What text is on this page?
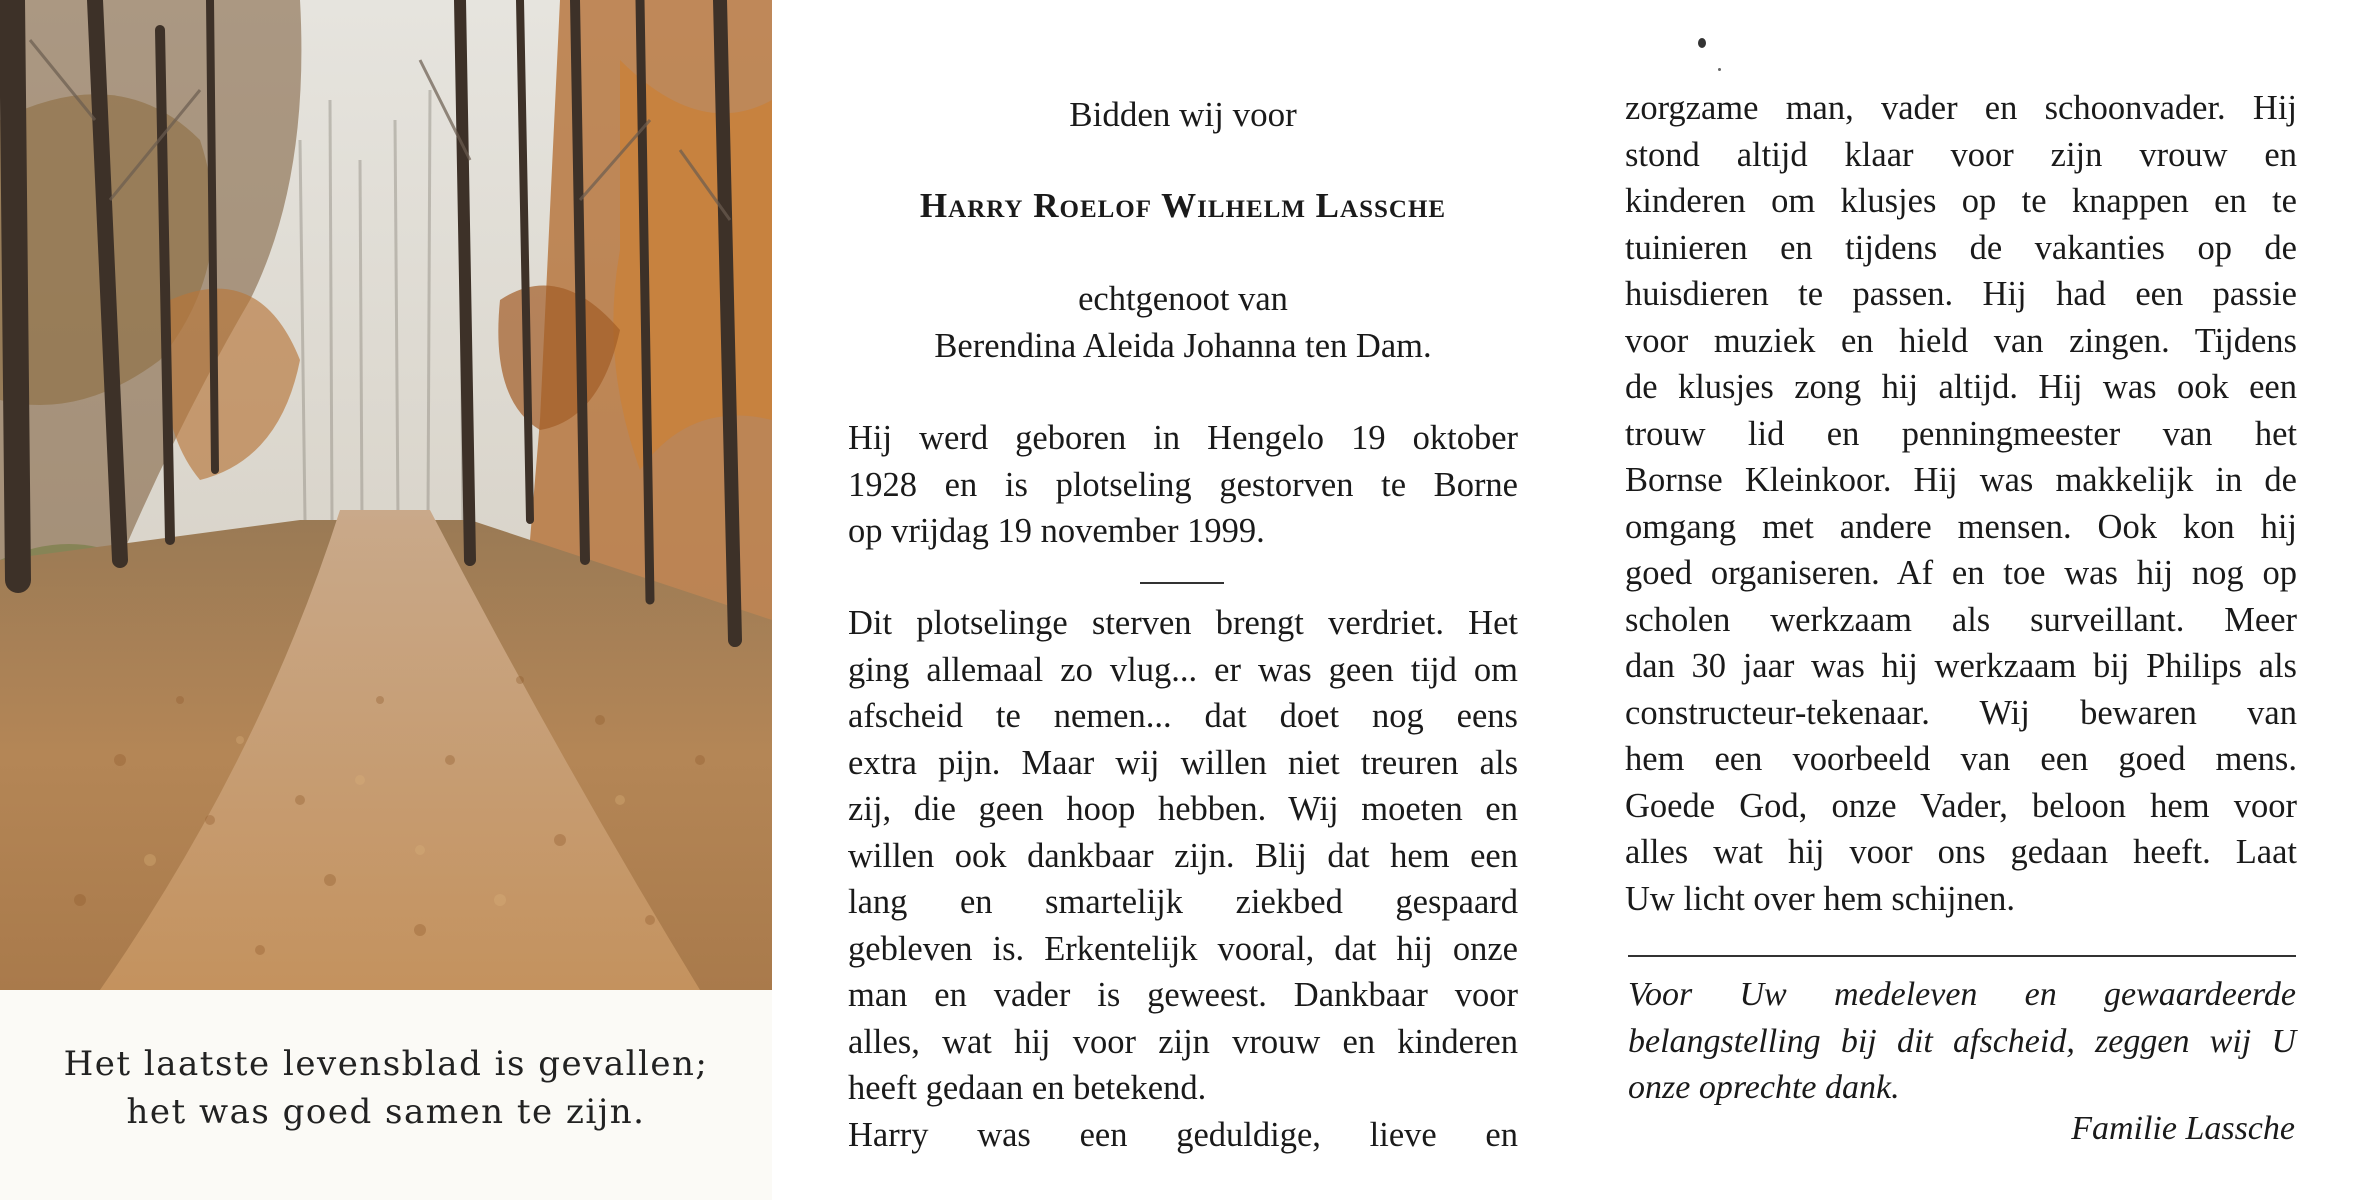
Het laatste levensblad is gevallen;
het was goed samen te zijn.
Bidden wij voor
Harry Roelof Wilhelm Lassche
echtgenoot van
Berendina Aleida Johanna ten Dam.
Hij werd geboren in Hengelo 19 oktober
1928 en is plotseling gestorven te Borne
op vrijdag 19 november 1999.
Dit plotselinge sterven brengt verdriet. Het
ging allemaal zo vlug... er was geen tijd om
afscheid te nemen... dat doet nog eens
extra pijn. Maar wij willen niet treuren als
zij, die geen hoop hebben. Wij moeten en
willen ook dankbaar zijn. Blij dat hem een
lang en smartelijk ziekbed gespaard
gebleven is. Erkentelijk vooral, dat hij onze
man en vader is geweest. Dankbaar voor
alles, wat hij voor zijn vrouw en kinderen
heeft gedaan en betekend.
Harry was een geduldige, lieve en
zorgzame man, vader en schoonvader. Hij
stond altijd klaar voor zijn vrouw en
kinderen om klusjes op te knappen en te
tuinieren en tijdens de vakanties op de
huisdieren te passen. Hij had een passie
voor muziek en hield van zingen. Tijdens
de klusjes zong hij altijd. Hij was ook een
trouw lid en penningmeester van het
Bornse Kleinkoor. Hij was makkelijk in de
omgang met andere mensen. Ook kon hij
goed organiseren. Af en toe was hij nog op
scholen werkzaam als surveillant. Meer
dan 30 jaar was hij werkzaam bij Philips als
constructeur-tekenaar. Wij bewaren van
hem een voorbeeld van een goed mens.
Goede God, onze Vader, beloon hem voor
alles wat hij voor ons gedaan heeft. Laat
Uw licht over hem schijnen.
Voor Uw medeleven en gewaardeerde
belangstelling bij dit afscheid, zeggen wij U
onze oprechte dank.
Familie Lassche
